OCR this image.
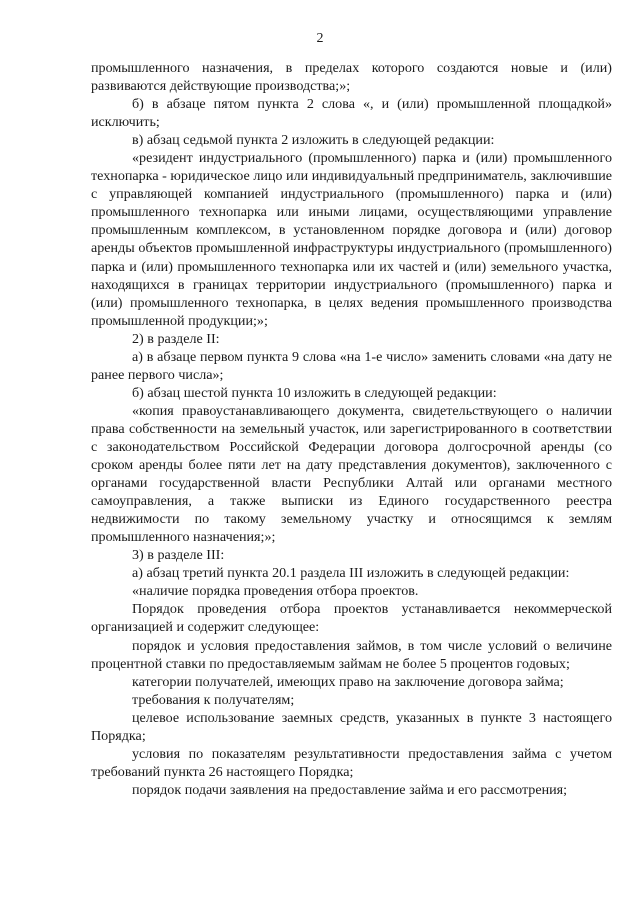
2

промышленного назначения, в пределах которого создаются новые и (или) развиваются действующие производства;»;

б) в абзаце пятом пункта 2 слова «, и (или) промышленной площадкой» исключить;

в) абзац седьмой пункта 2 изложить в следующей редакции:

«резидент индустриального (промышленного) парка и (или) промышленного технопарка - юридическое лицо или индивидуальный предприниматель, заключившие с управляющей компанией индустриального (промышленного) парка и (или) промышленного технопарка или иными лицами, осуществляющими управление промышленным комплексом, в установленном порядке договора и (или) договор аренды объектов промышленной инфраструктуры индустриального (промышленного) парка и (или) промышленного технопарка или их частей и (или) земельного участка, находящихся в границах территории индустриального (промышленного) парка и (или) промышленного технопарка, в целях ведения промышленного производства промышленной продукции;»;

2) в разделе II:

а) в абзаце первом пункта 9 слова «на 1-е число» заменить словами «на дату не ранее первого числа»;

б) абзац шестой пункта 10 изложить в следующей редакции:

«копия правоустанавливающего документа, свидетельствующего о наличии права собственности на земельный участок, или зарегистрированного в соответствии с законодательством Российской Федерации договора долгосрочной аренды (со сроком аренды более пяти лет на дату представления документов), заключенного с органами государственной власти Республики Алтай или органами местного самоуправления, а также выписки из Единого государственного реестра недвижимости по такому земельному участку и относящимся к землям промышленного назначения;»;

3) в разделе III:

а) абзац третий пункта 20.1 раздела III изложить в следующей редакции:

«наличие порядка проведения отбора проектов.

Порядок проведения отбора проектов устанавливается некоммерческой организацией и содержит следующее:

порядок и условия предоставления займов, в том числе условий о величине процентной ставки по предоставляемым займам не более 5 процентов годовых;

категории получателей, имеющих право на заключение договора займа;

требования к получателям;

целевое использование заемных средств, указанных в пункте 3 настоящего Порядка;

условия по показателям результативности предоставления займа с учетом требований пункта 26 настоящего Порядка;

порядок подачи заявления на предоставление займа и его рассмотрения;
